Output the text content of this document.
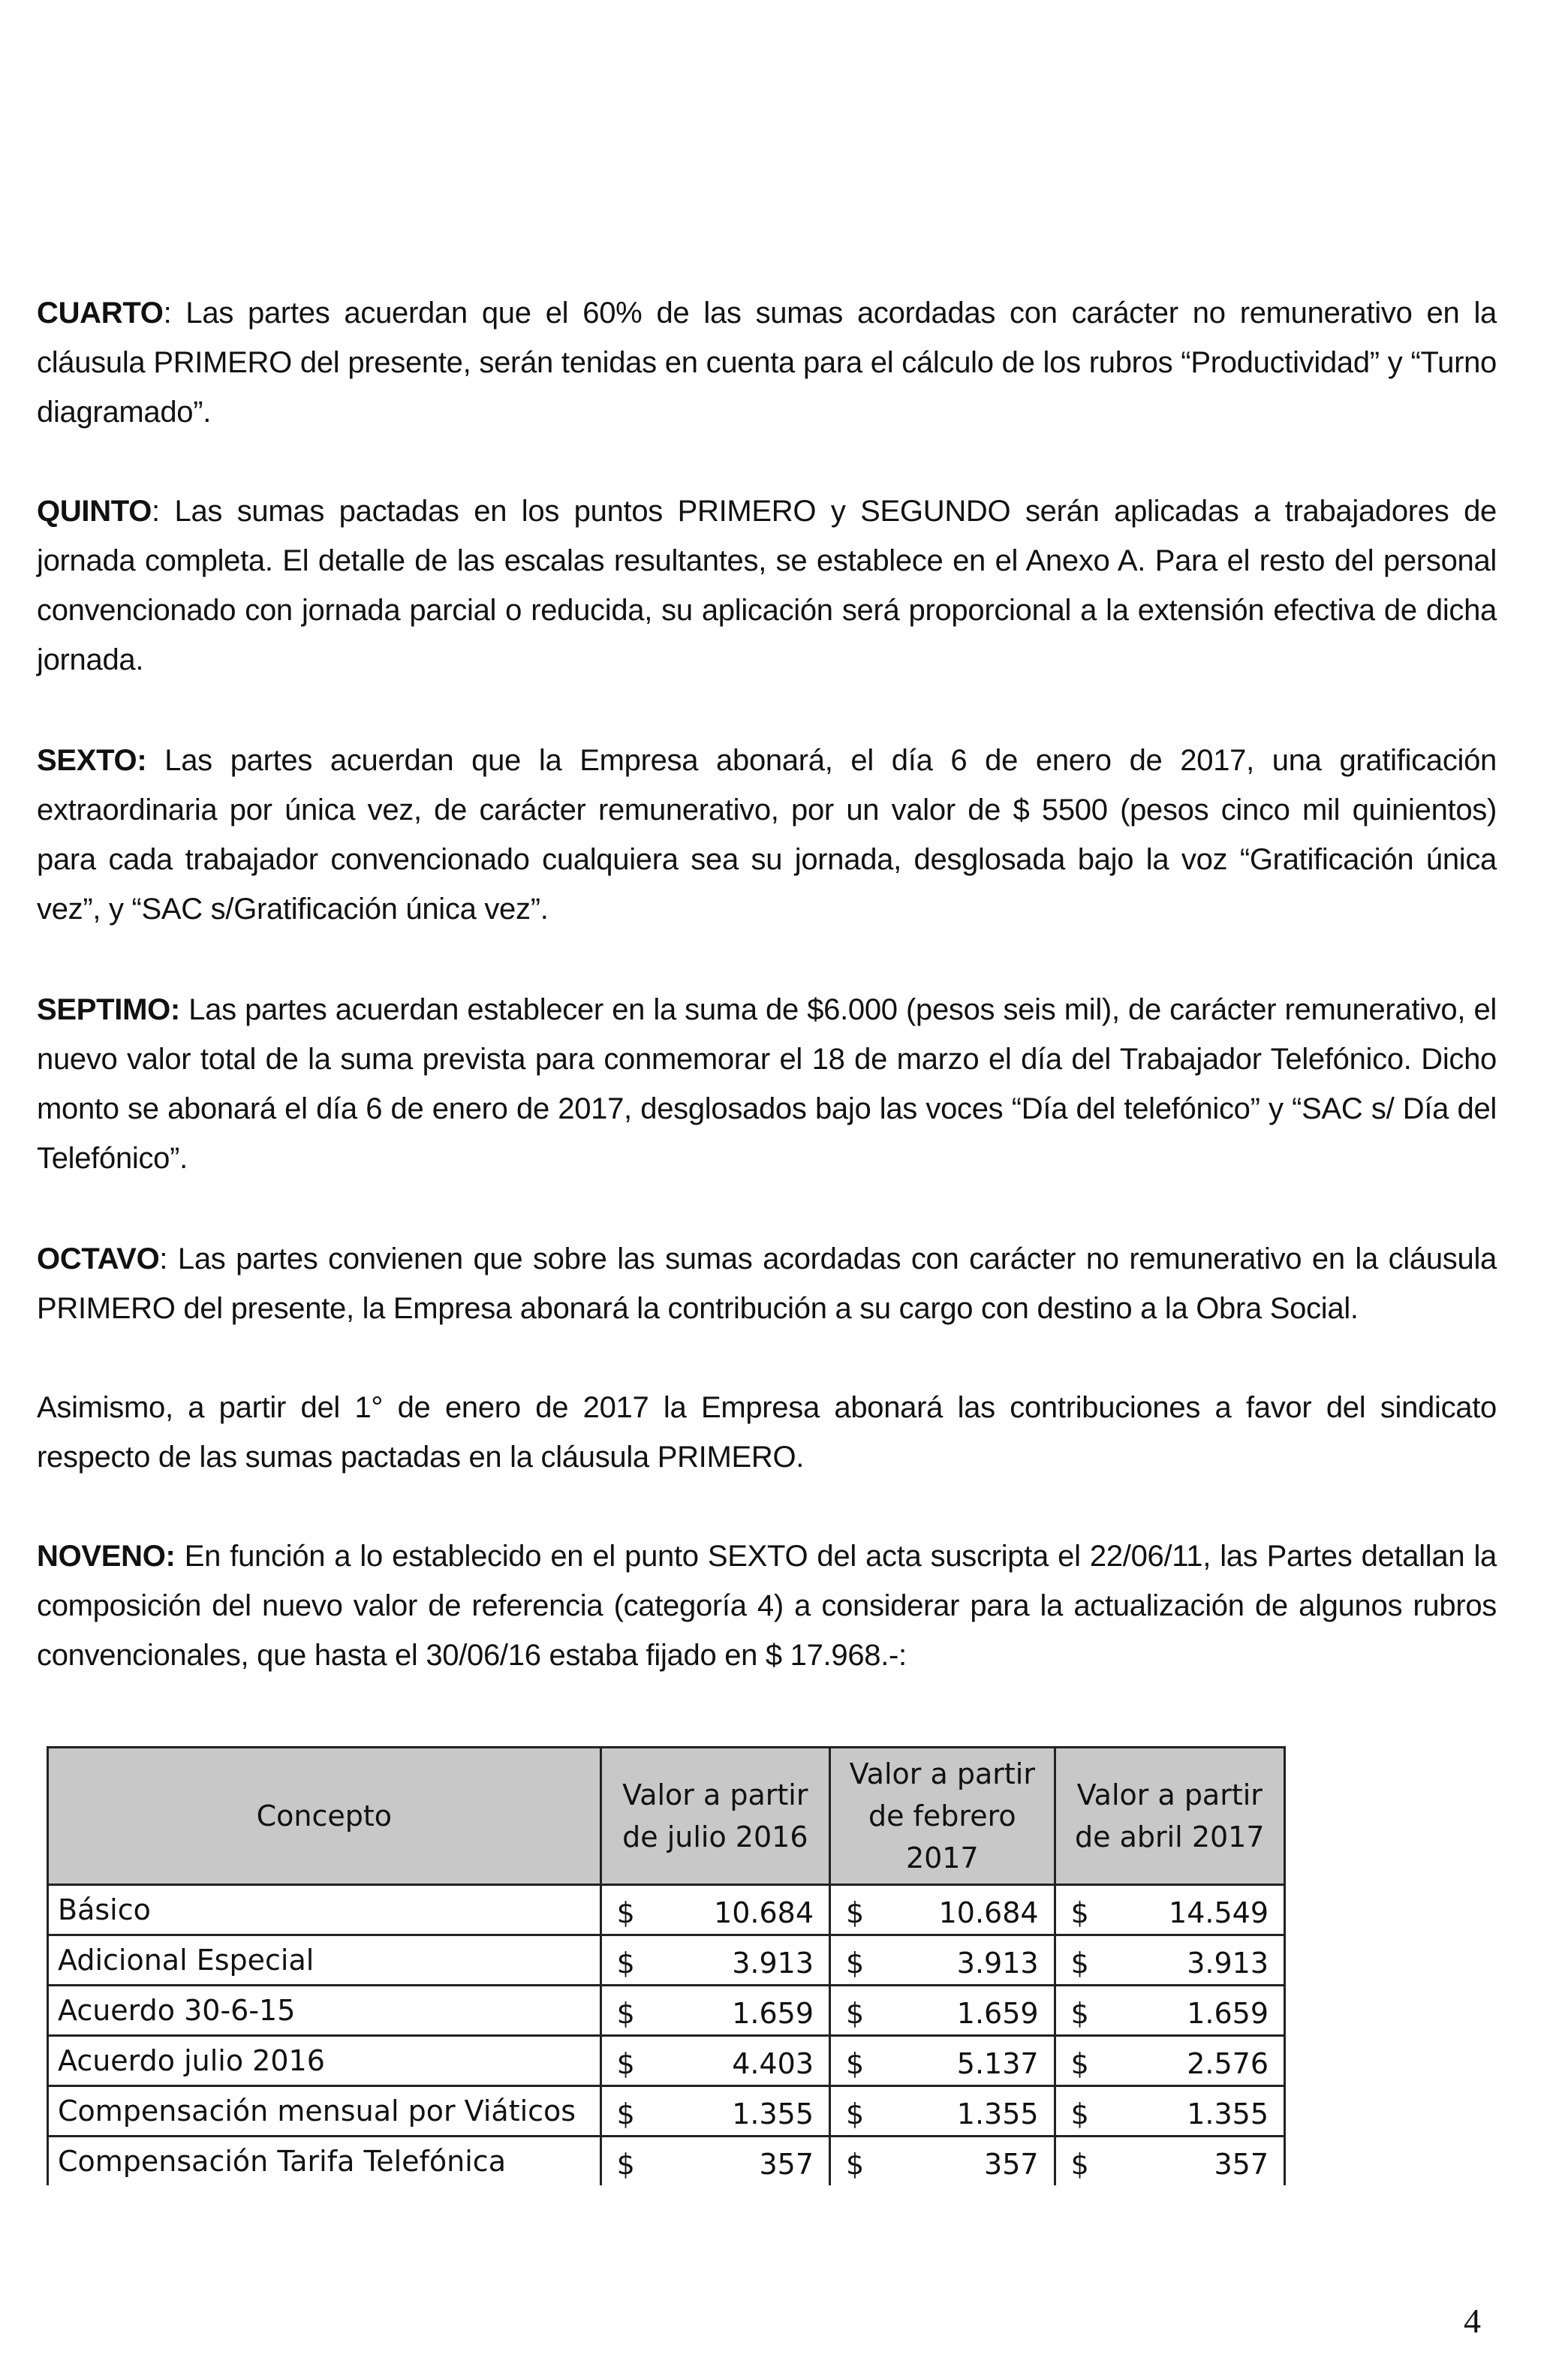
CUARTO: Las partes acuerdan que el 60% de las sumas acordadas con carácter no remunerativo en la cláusula PRIMERO del presente, serán tenidas en cuenta para el cálculo de los rubros “Productividad” y “Turno diagramado”.
QUINTO: Las sumas pactadas en los puntos PRIMERO y SEGUNDO serán aplicadas a trabajadores de jornada completa. El detalle de las escalas resultantes, se establece en el Anexo A. Para el resto del personal convencionado con jornada parcial o reducida, su aplicación será proporcional a la extensión efectiva de dicha jornada.
SEXTO: Las partes acuerdan que la Empresa abonará, el día 6 de enero de 2017, una gratificación extraordinaria por única vez, de carácter remunerativo, por un valor de $ 5500 (pesos cinco mil quinientos) para cada trabajador convencionado cualquiera sea su jornada, desglosada bajo la voz “Gratificación única vez”, y “SAC s/Gratificación única vez”.
SEPTIMO: Las partes acuerdan establecer en la suma de $6.000 (pesos seis mil), de carácter remunerativo, el nuevo valor total de la suma prevista para conmemorar el 18 de marzo el día del Trabajador Telefónico. Dicho monto se abonará el día 6 de enero de 2017, desglosados bajo las voces “Día del telefónico” y “SAC s/ Día del Telefónico”.
OCTAVO: Las partes convienen que sobre las sumas acordadas con carácter no remunerativo en la cláusula PRIMERO del presente, la Empresa abonará la contribución a su cargo con destino a la Obra Social.
Asimismo, a partir del 1° de enero de 2017 la Empresa abonará las contribuciones a favor del sindicato respecto de las sumas pactadas en la cláusula PRIMERO.
NOVENO: En función a lo establecido en el punto SEXTO del acta suscripta el 22/06/11, las Partes detallan la composición del nuevo valor de referencia (categoría 4) a considerar para la actualización de algunos rubros convencionales, que hasta el 30/06/16 estaba fijado en $ 17.968.-:
Concepto	Valor a partir de julio 2016	Valor a partir de febrero 2017	Valor a partir de abril 2017
Básico	$ 10.684	$ 10.684	$ 14.549

Adicional Especial	$ 3.913	$ 3.913	$ 3.913

Acuerdo 30-6-15	$ 1.659	$ 1.659	$ 1.659

Acuerdo julio 2016	$ 4.403	$ 5.137	$ 2.576

Compensación mensual por Viáticos	$ 1.355	$ 1.355	$ 1.355

Compensación Tarifa Telefónica	$ 357	$ 357	$ 357
4
